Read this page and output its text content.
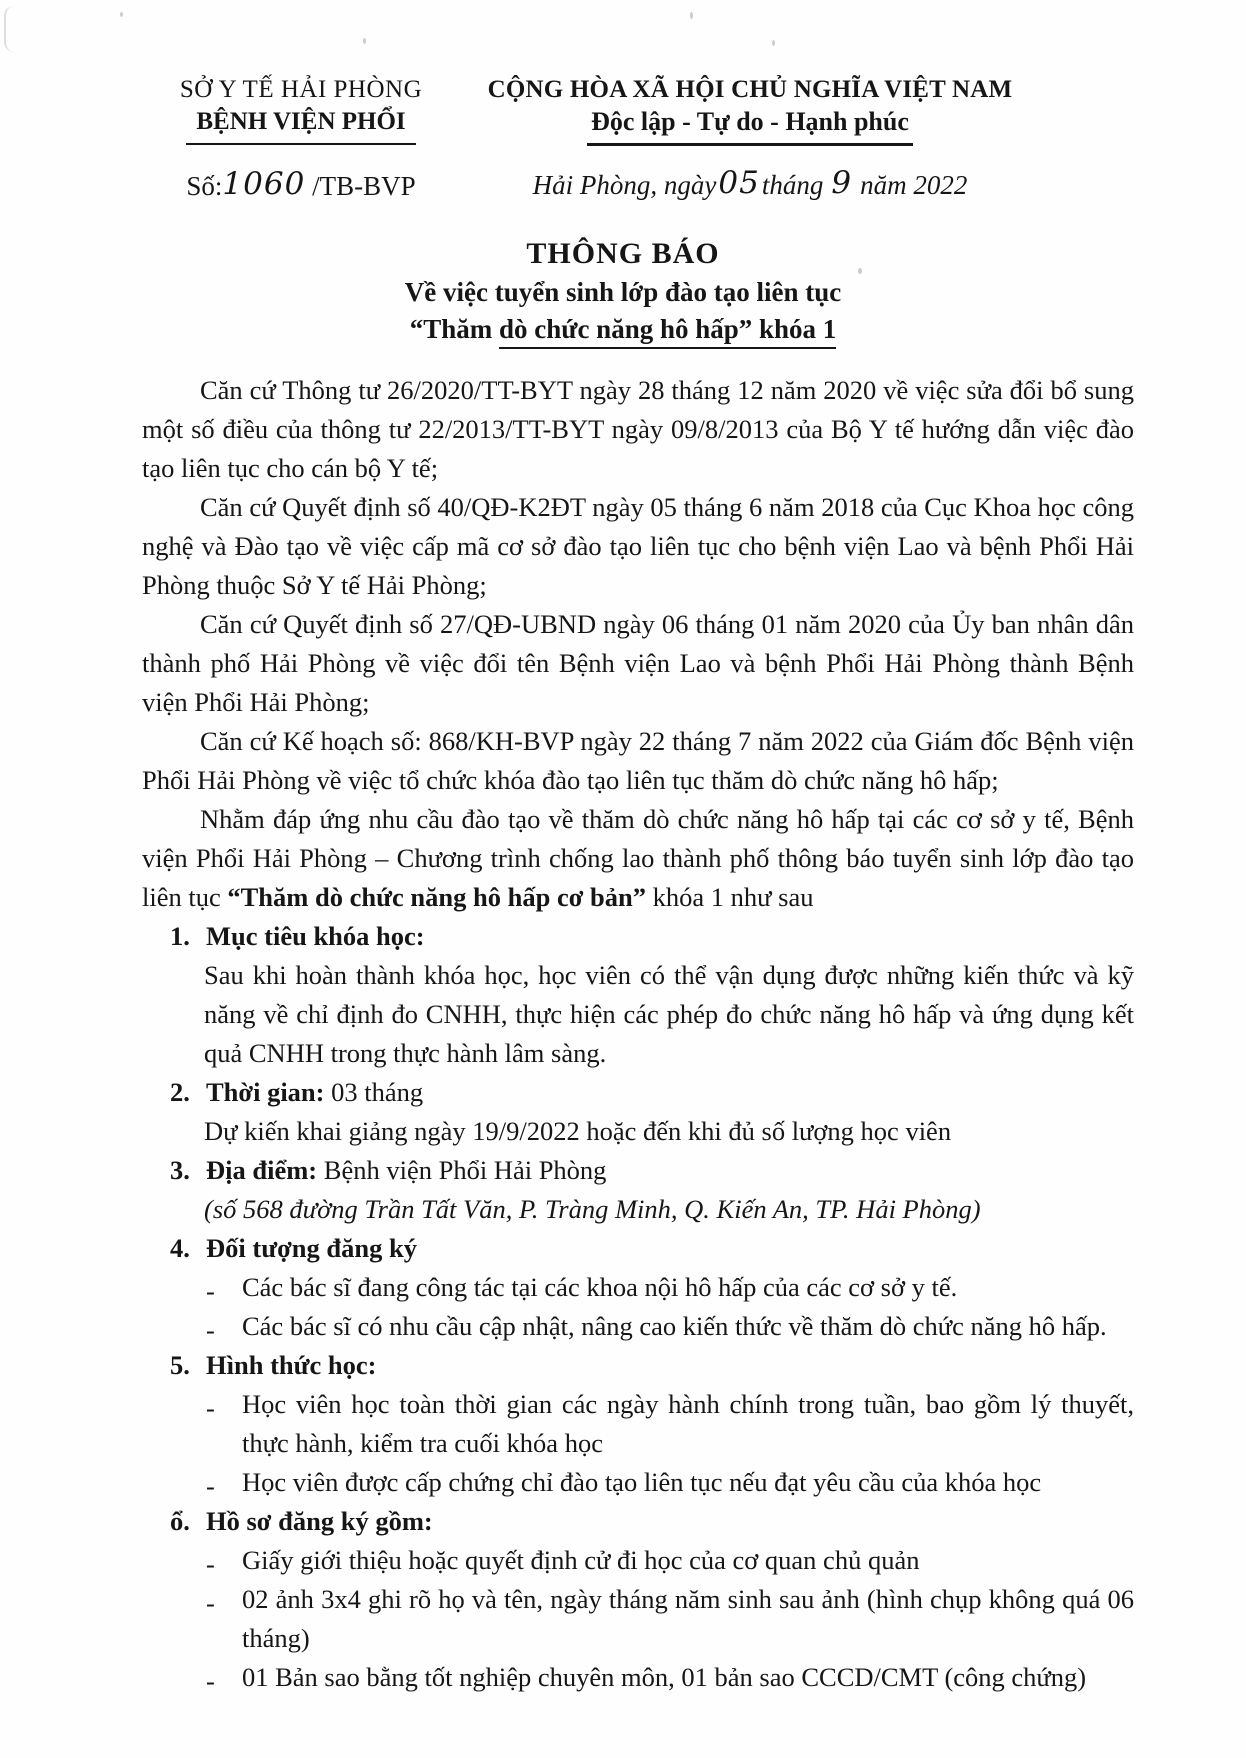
SỞ Y TẾ HẢI PHÒNG
BỆNH VIỆN PHỔI
Số:1060 /TB-BVP
CỘNG HÒA XÃ HỘI CHỦ NGHĨA VIỆT NAM
Độc lập - Tự do - Hạnh phúc
Hải Phòng, ngày05tháng 9 năm 2022
THÔNG BÁO
Về việc tuyển sinh lớp đào tạo liên tục
“Thăm dò chức năng hô hấp” khóa 1

Căn cứ Thông tư 26/2020/TT-BYT ngày 28 tháng 12 năm 2020 về việc sửa đổi bổ sung một số điều của thông tư 22/2013/TT-BYT ngày 09/8/2013 của Bộ Y tế hướng dẫn việc đào tạo liên tục cho cán bộ Y tế;

Căn cứ Quyết định số 40/QĐ-K2ĐT ngày 05 tháng 6 năm 2018 của Cục Khoa học công nghệ và Đào tạo về việc cấp mã cơ sở đào tạo liên tục cho bệnh viện Lao và bệnh Phổi Hải Phòng thuộc Sở Y tế Hải Phòng;

Căn cứ Quyết định số 27/QĐ-UBND ngày 06 tháng 01 năm 2020 của Ủy ban nhân dân thành phố Hải Phòng về việc đổi tên Bệnh viện Lao và bệnh Phổi Hải Phòng thành Bệnh viện Phổi Hải Phòng;

Căn cứ Kế hoạch số: 868/KH-BVP ngày 22 tháng 7 năm 2022 của Giám đốc Bệnh viện Phổi Hải Phòng về việc tổ chức khóa đào tạo liên tục thăm dò chức năng hô hấp;

Nhằm đáp ứng nhu cầu đào tạo về thăm dò chức năng hô hấp tại các cơ sở y tế, Bệnh viện Phổi Hải Phòng – Chương trình chống lao thành phố thông báo tuyển sinh lớp đào tạo liên tục “Thăm dò chức năng hô hấp cơ bản” khóa 1 như sau

1. Mục tiêu khóa học:

Sau khi hoàn thành khóa học, học viên có thể vận dụng được những kiến thức và kỹ năng về chỉ định đo CNHH, thực hiện các phép đo chức năng hô hấp và ứng dụng kết quả CNHH trong thực hành lâm sàng.

2. Thời gian: 03 tháng

Dự kiến khai giảng ngày 19/9/2022 hoặc đến khi đủ số lượng học viên

3. Địa điểm: Bệnh viện Phổi Hải Phòng

(số 568 đường Trần Tất Văn, P. Tràng Minh, Q. Kiến An, TP. Hải Phòng)

4. Đối tượng đăng ký
-	Các bác sĩ đang công tác tại các khoa nội hô hấp của các cơ sở y tế.
-	Các bác sĩ có nhu cầu cập nhật, nâng cao kiến thức về thăm dò chức năng hô hấp.
5. Hình thức học:
-	Học viên học toàn thời gian các ngày hành chính trong tuần, bao gồm lý thuyết, thực hành, kiểm tra cuối khóa học
-	Học viên được cấp chứng chỉ đào tạo liên tục nếu đạt yêu cầu của khóa học
ổ. Hồ sơ đăng ký gồm:
-	Giấy giới thiệu hoặc quyết định cử đi học của cơ quan chủ quản
-	02 ảnh 3x4 ghi rõ họ và tên, ngày tháng năm sinh sau ảnh (hình chụp không quá 06 tháng)
-	01 Bản sao bằng tốt nghiệp chuyên môn, 01 bản sao CCCD/CMT (công chứng)
